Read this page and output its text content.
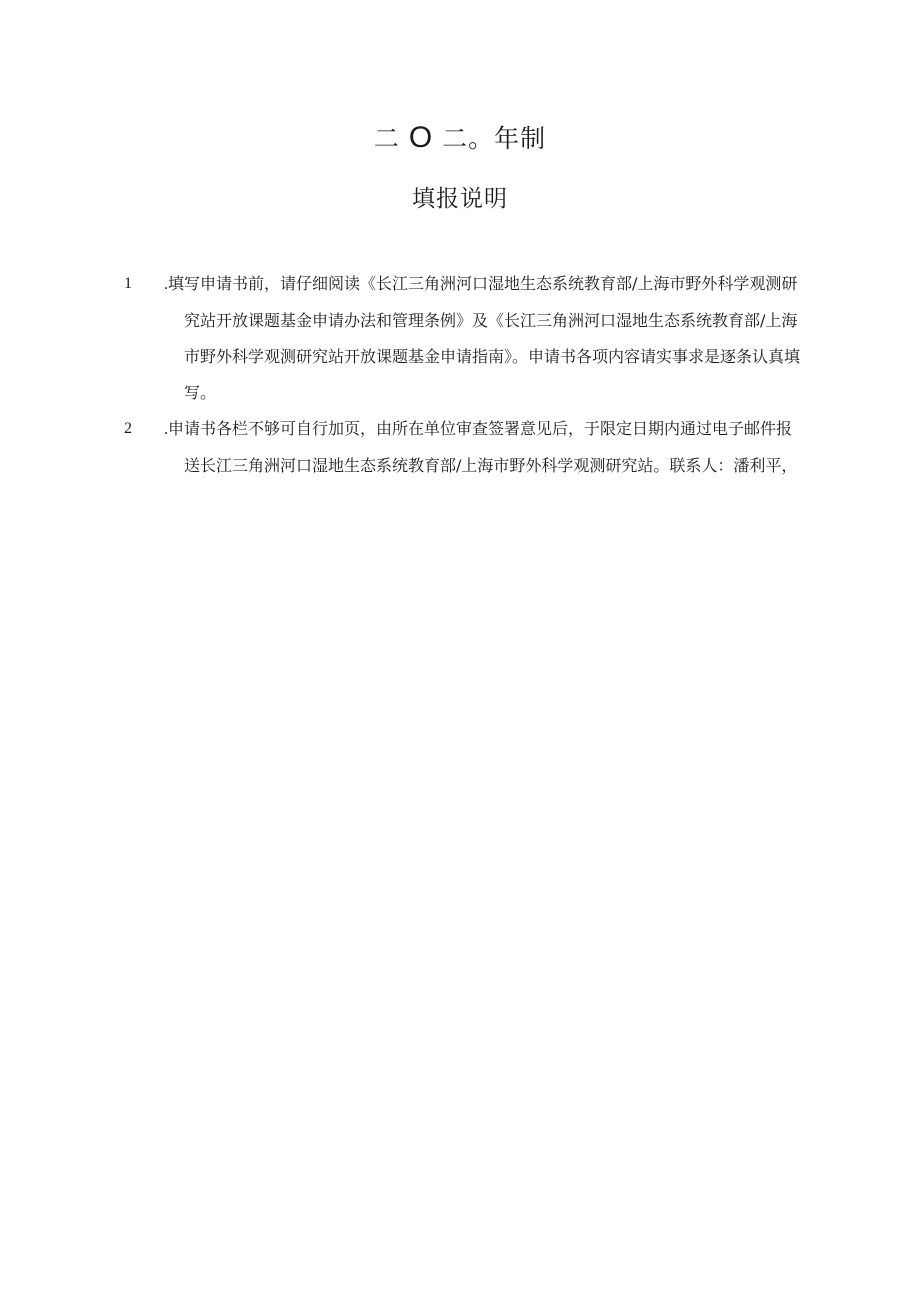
二 O 二。年制
填报说明
1	.填写申请书前，请仔细阅读《长江三角洲河口湿地生态系统教育部/上海市野外科学观测研究站开放课题基金申请办法和管理条例》及《长江三角洲河口湿地生态系统教育部/上海市野外科学观测研究站开放课题基金申请指南》。申请书各项内容请实事求是逐条认真填写。
2	.申请书各栏不够可自行加页，由所在单位审查签署意见后，于限定日期内通过电子邮件报送长江三角洲河口湿地生态系统教育部/上海市野外科学观测研究站。联系人：潘利平，
